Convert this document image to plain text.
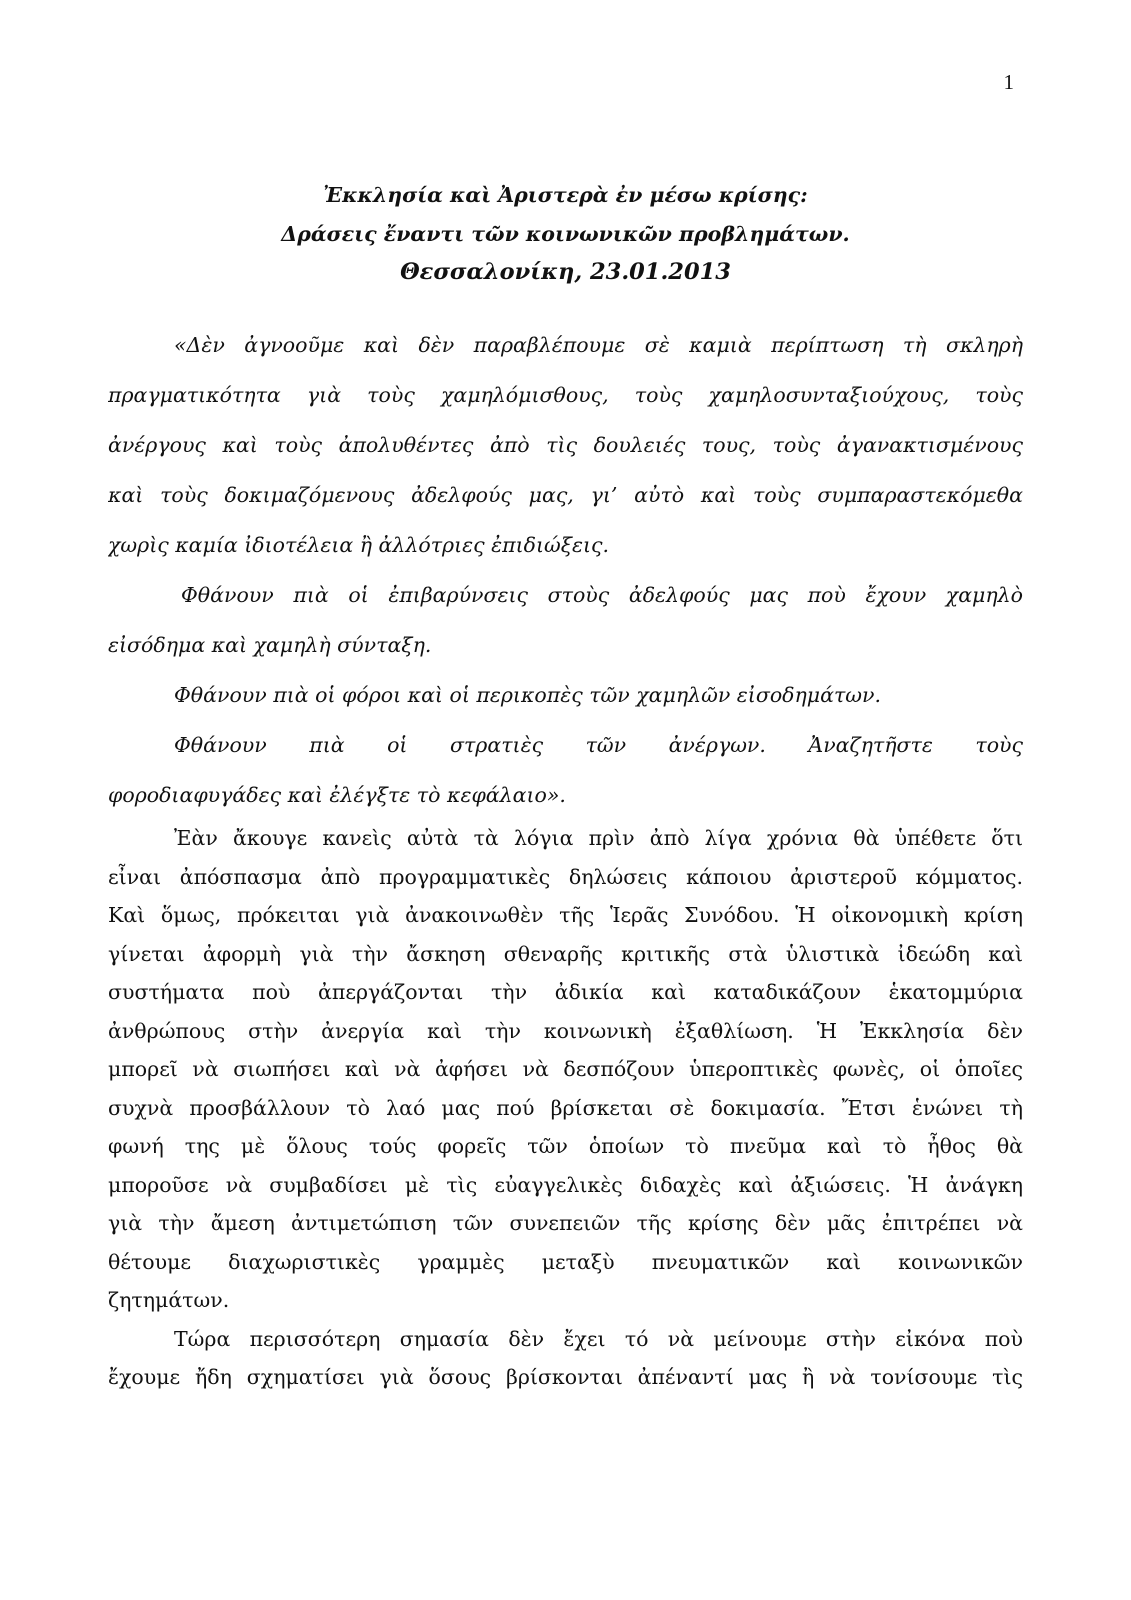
1
Ἐκκλησία καὶ Ἀριστερὰ ἐν μέσω κρίσης:
Δράσεις ἔναντι τῶν κοινωνικῶν προβλημάτων.
Θεσσαλονίκη, 23.01.2013
«Δὲν ἀγνοοῦμε καὶ δὲν παραβλέπουμε σὲ καμιὰ περίπτωση τὴ σκληρὴ
πραγματικότητα γιὰ τοὺς χαμηλόμισθους, τοὺς χαμηλοσυνταξιούχους, τοὺς
ἀνέργους καὶ τοὺς ἀπολυθέντες ἀπὸ τὶς δουλειές τους, τοὺς ἀγανακτισμένους
καὶ τοὺς δοκιμαζόμενους ἀδελφούς μας, γι’ αὐτὸ καὶ τοὺς συμπαραστεκόμεθα
χωρὶς καμία ἰδιοτέλεια ἢ ἀλλότριες ἐπιδιώξεις.
Φθάνουν πιὰ οἱ ἐπιβαρύνσεις στοὺς ἀδελφούς μας ποὺ ἔχουν χαμηλὸ
εἰσόδημα καὶ χαμηλὴ σύνταξη.
Φθάνουν πιὰ οἱ φόροι καὶ οἱ περικοπὲς τῶν χαμηλῶν εἰσοδημάτων.
Φθάνουν πιὰ οἱ στρατιὲς τῶν ἀνέργων. Ἀναζητῆστε τοὺς
φοροδιαφυγάδες καὶ ἐλέγξτε τὸ κεφάλαιο».
Ἐὰν ἄκουγε κανεὶς αὐτὰ τὰ λόγια πρὶν ἀπὸ λίγα χρόνια θὰ ὑπέθετε ὅτι
εἶναι ἀπόσπασμα ἀπὸ προγραμματικὲς δηλώσεις κάποιου ἀριστεροῦ κόμματος.
Καὶ ὅμως, πρόκειται γιὰ ἀνακοινωθὲν τῆς Ἱερᾶς Συνόδου. Ἡ οἰκονομικὴ κρίση
γίνεται ἀφορμὴ γιὰ τὴν ἄσκηση σθεναρῆς κριτικῆς στὰ ὑλιστικὰ ἰδεώδη καὶ
συστήματα ποὺ ἀπεργάζονται τὴν ἀδικία καὶ καταδικάζουν ἑκατομμύρια
ἀνθρώπους στὴν ἀνεργία καὶ τὴν κοινωνικὴ ἐξαθλίωση. Ἡ Ἐκκλησία δὲν
μπορεῖ νὰ σιωπήσει καὶ νὰ ἀφήσει νὰ δεσπόζουν ὑπεροπτικὲς φωνὲς, οἱ ὁποῖες
συχνὰ προσβάλλουν τὸ λαό μας πού βρίσκεται σὲ δοκιμασία. Ἔτσι ἑνώνει τὴ
φωνή της μὲ ὅλους τούς φορεῖς τῶν ὁποίων τὸ πνεῦμα καὶ τὸ ἦθος θὰ
μποροῦσε νὰ συμβαδίσει μὲ τὶς εὐαγγελικὲς διδαχὲς καὶ ἀξιώσεις. Ἡ ἀνάγκη
γιὰ τὴν ἄμεση ἀντιμετώπιση τῶν συνεπειῶν τῆς κρίσης δὲν μᾶς ἐπιτρέπει νὰ
θέτουμε διαχωριστικὲς γραμμὲς μεταξὺ πνευματικῶν καὶ κοινωνικῶν
ζητημάτων.
Τώρα περισσότερη σημασία δὲν ἔχει τό νὰ μείνουμε στὴν εἰκόνα ποὺ
ἔχουμε ἤδη σχηματίσει γιὰ ὅσους βρίσκονται ἀπέναντί μας ἢ νὰ τονίσουμε τὶς
